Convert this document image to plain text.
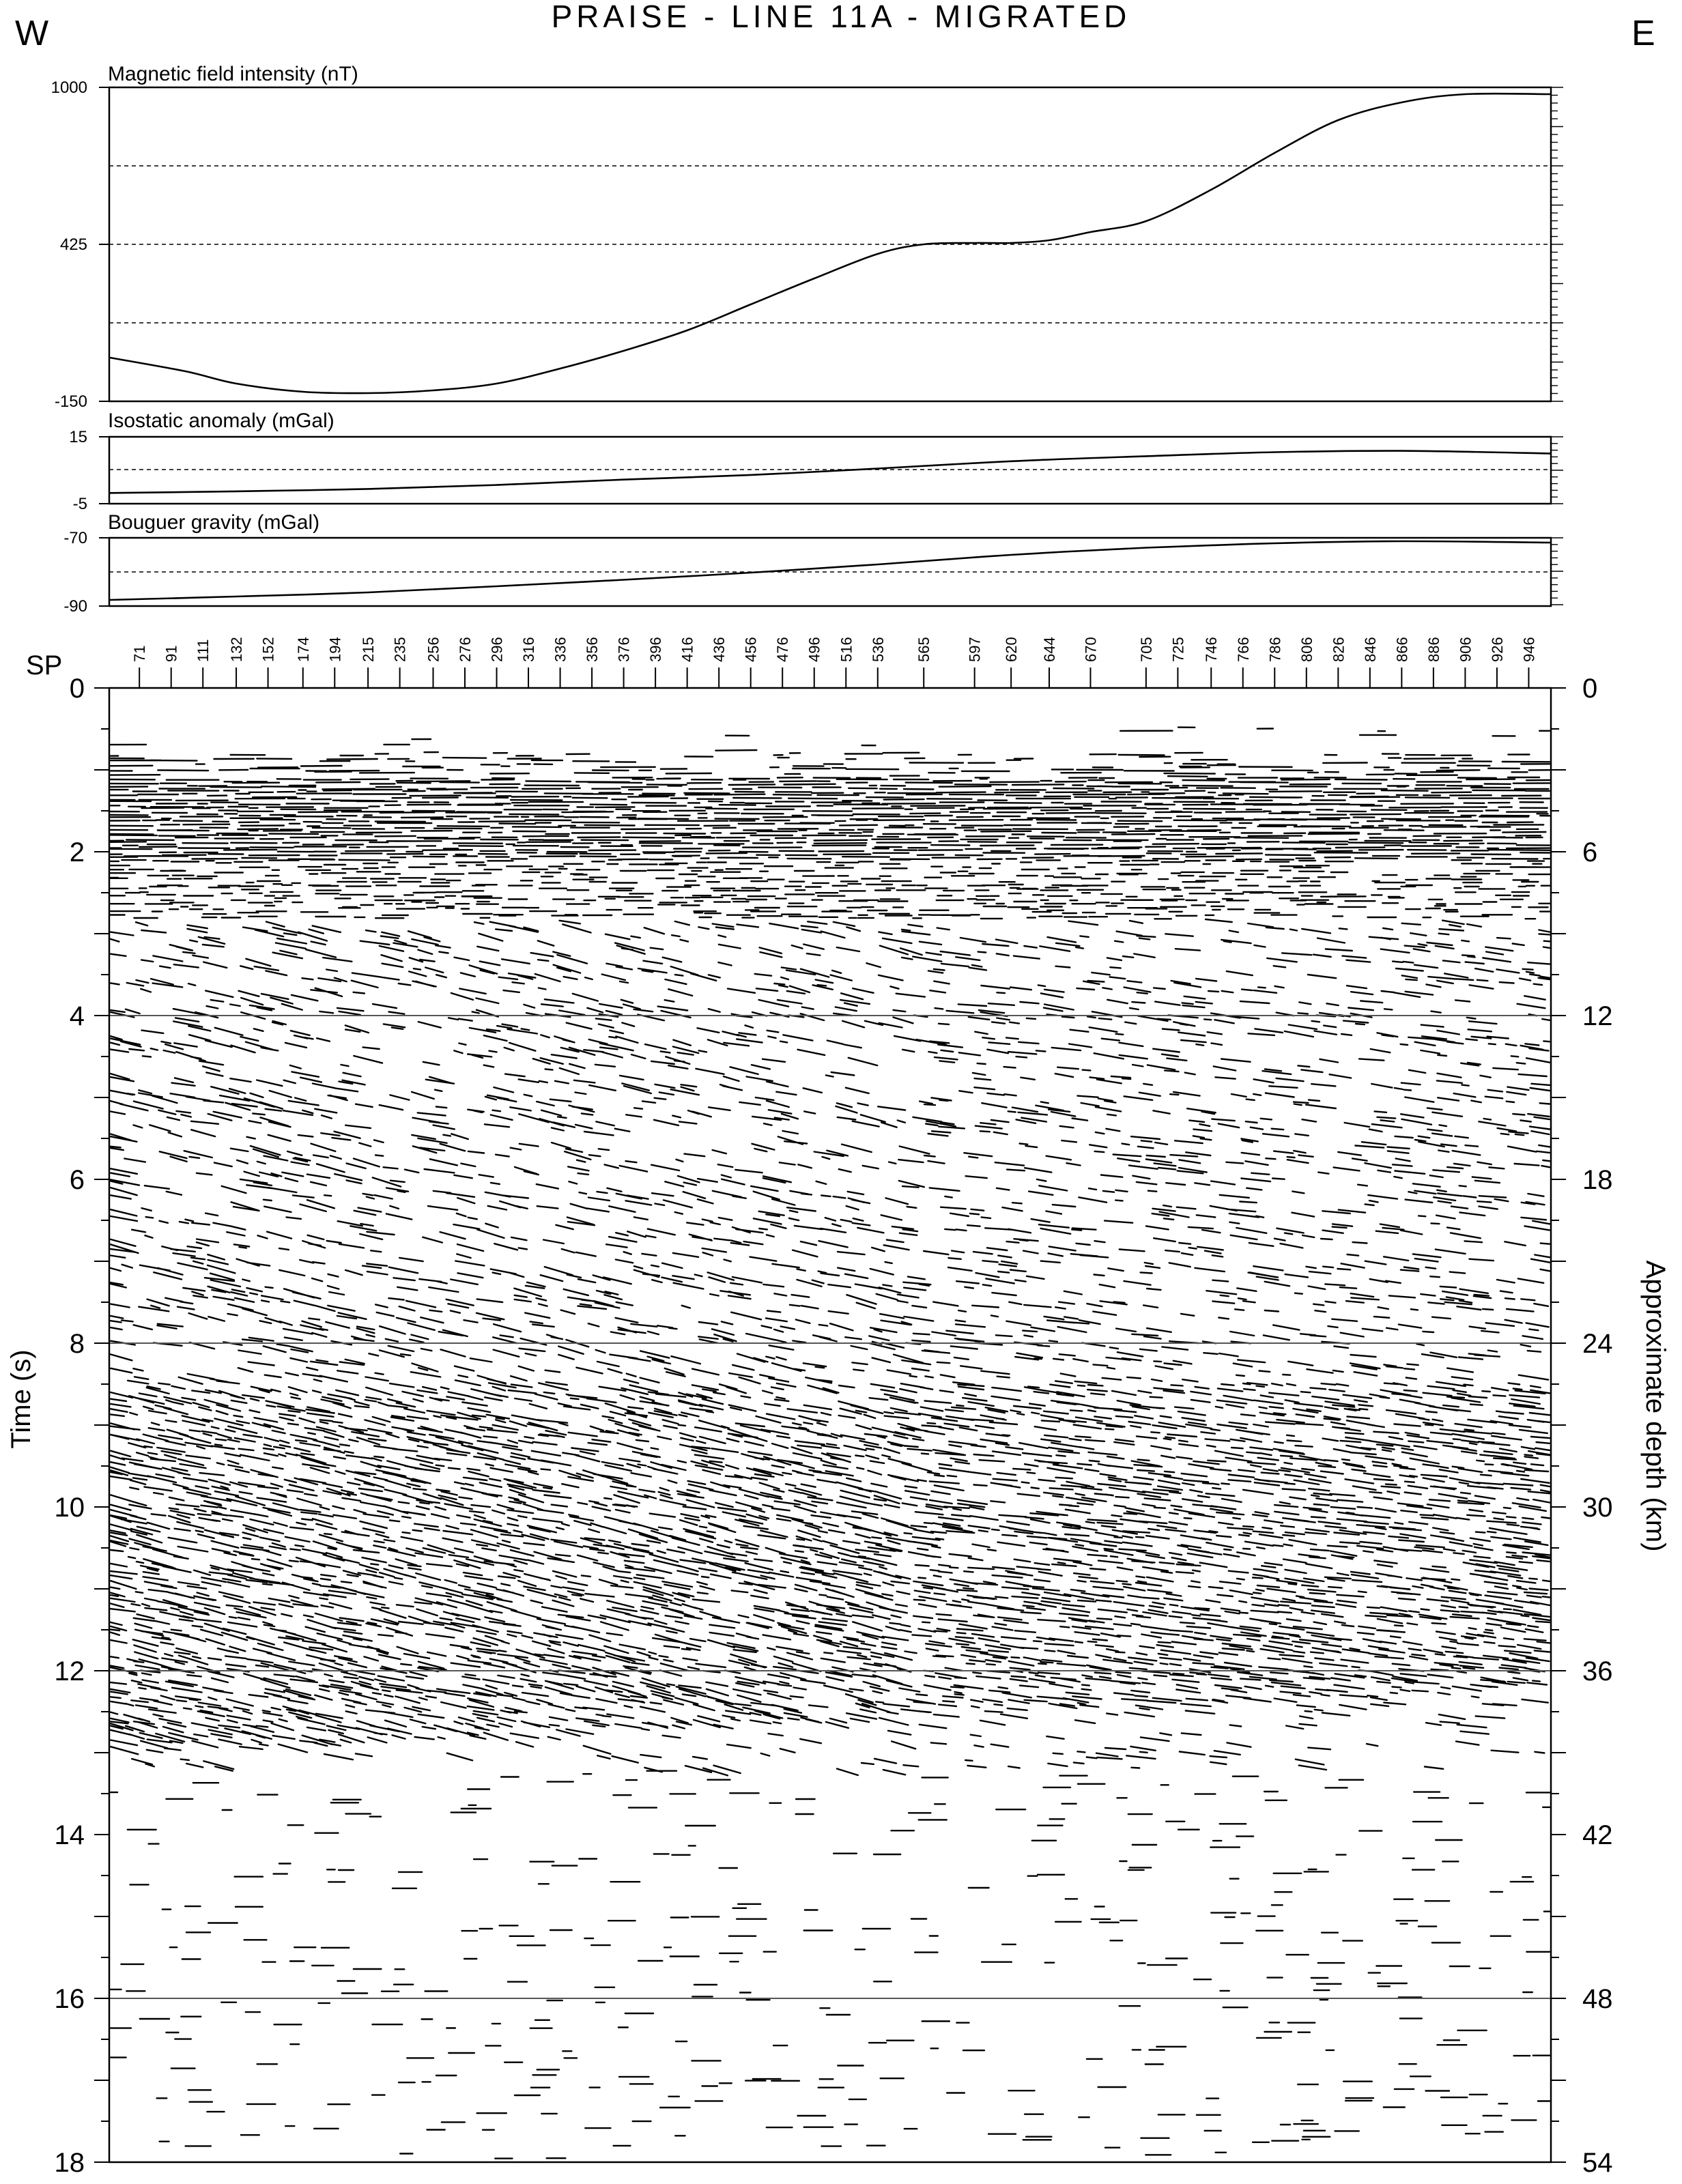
PRAISE - LINE 11A - MIGRATED
W	E
Magnetic field intensity (nT)
1000
425
-150
Isostatic anomaly (mGal)
15
-5
Bouguer gravity (mGal)
-70
-90
SP	71 91 111 132 152 174 194 215 235 256 276 296 316 336 356 376 396 416 436 456 476 496 516 536 565 597 620 644 670	705 725 746 766 786 806 826 846 866 886 906 926 946
0
2
4
6
8
10
12
14
16
18
0
6
12
18
24
30
36
42
48
54
Time (s)	Approximate depth (km)
